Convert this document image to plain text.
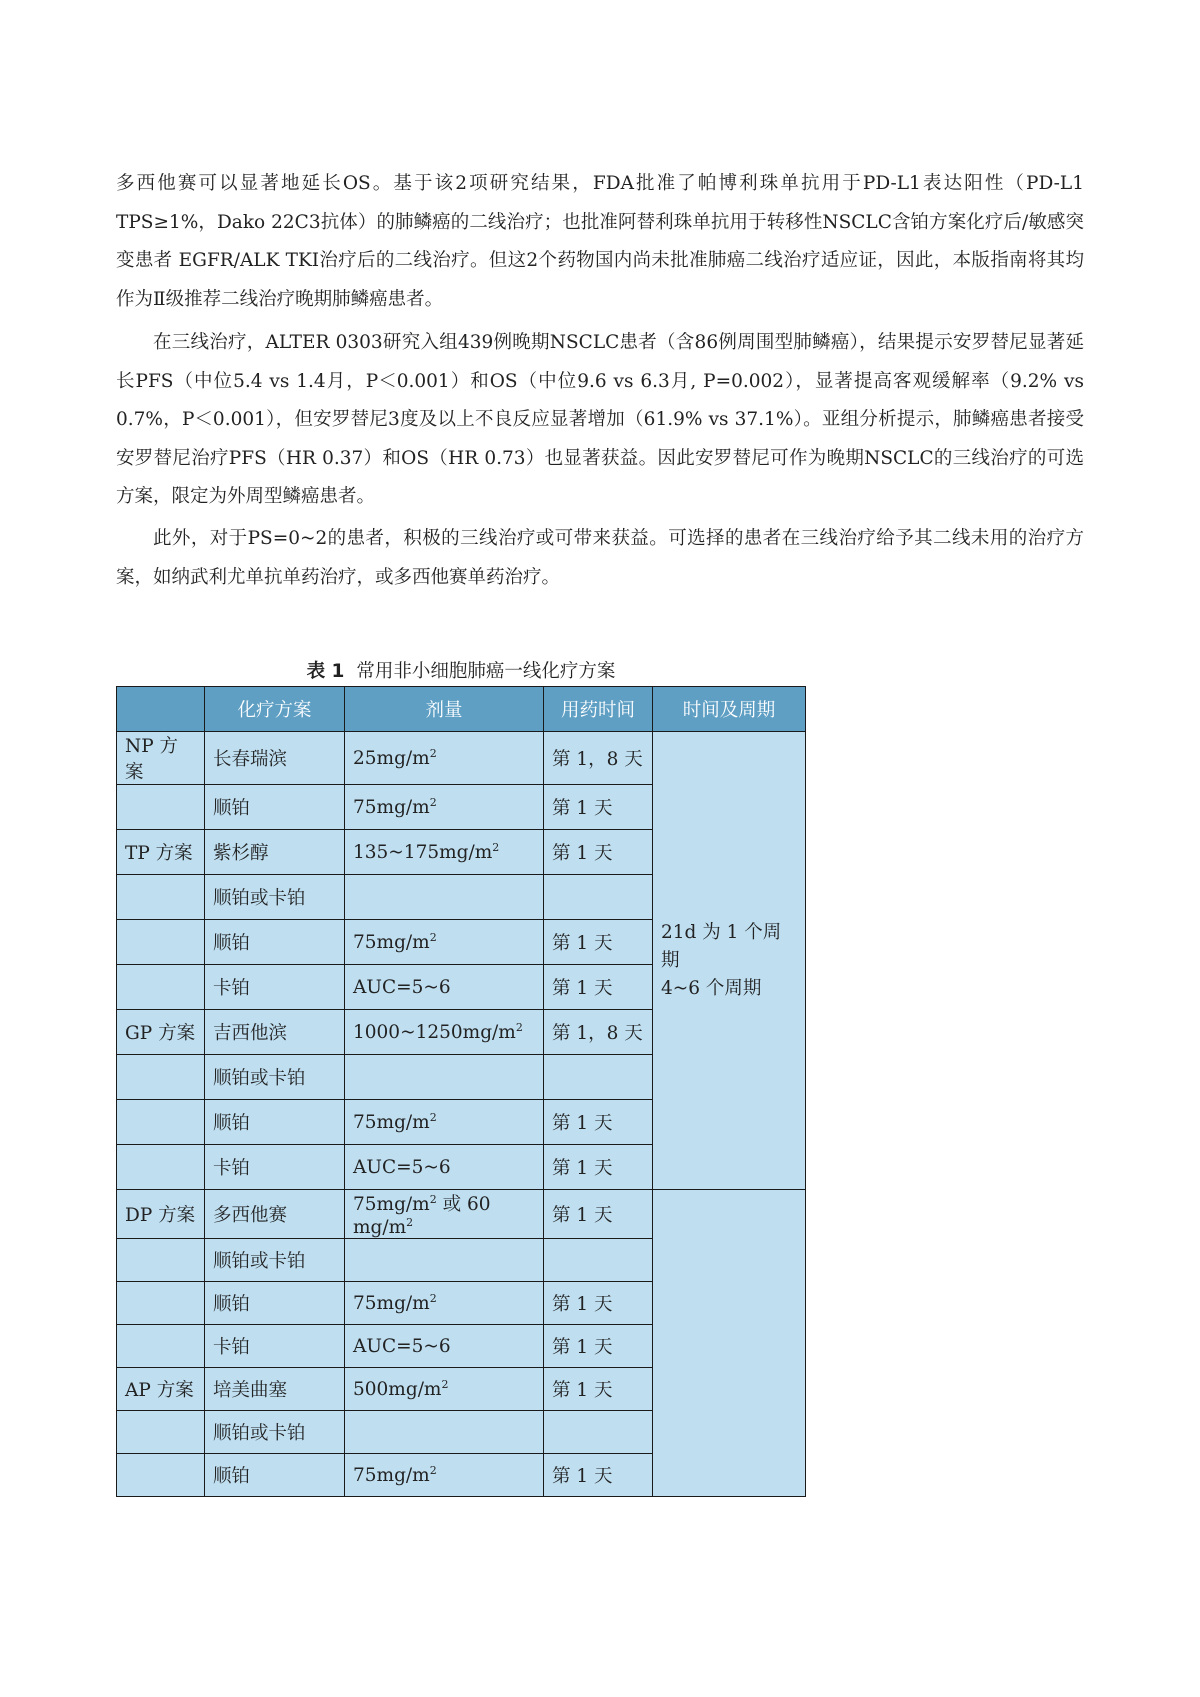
多西他赛可以显著地延长OS。基于该2项研究结果，FDA批准了帕博利珠单抗用于PD-L1表达阳性（PD-L1 TPS≥1%，Dako 22C3抗体）的肺鳞癌的二线治疗；也批准阿替利珠单抗用于转移性NSCLC含铂方案化疗后/敏感突变患者 EGFR/ALK TKI治疗后的二线治疗。但这2个药物国内尚未批准肺癌二线治疗适应证，因此，本版指南将其均作为Ⅱ级推荐二线治疗晚期肺鳞癌患者。

在三线治疗，ALTER 0303研究入组439例晚期NSCLC患者（含86例周围型肺鳞癌），结果提示安罗替尼显著延长PFS（中位5.4 vs 1.4月，P＜0.001）和OS（中位9.6 vs 6.3月, P=0.002），显著提高客观缓解率（9.2% vs 0.7%，P＜0.001），但安罗替尼3度及以上不良反应显著增加（61.9% vs 37.1%）。亚组分析提示，肺鳞癌患者接受安罗替尼治疗PFS（HR 0.37）和OS（HR 0.73）也显著获益。因此安罗替尼可作为晚期NSCLC的三线治疗的可选方案，限定为外周型鳞癌患者。

此外，对于PS=0~2的患者，积极的三线治疗或可带来获益。可选择的患者在三线治疗给予其二线未用的治疗方案，如纳武利尤单抗单药治疗，或多西他赛单药治疗。

表 1 常用非小细胞肺癌一线化疗方案

	化疗方案	剂量	用药时间	时间及周期
NP 方案	长春瑞滨	$25mg/m^2$	第 1，8 天	21d 为 1 个周期
4~6 个周期

	顺铂	$75mg/m^2$	第 1 天	
TP 方案	紫杉醇	$135\sim 175mg/m^2$	第 1 天	
	顺铂或卡铂			
	顺铂	$75mg/m^2$	第 1 天	
	卡铂	AUC=5~6	第 1 天	
GP 方案	吉西他滨	$1000\sim 1250mg/m^2$	第 1，8 天	
	顺铂或卡铂			
	顺铂	$75mg/m^2$	第 1 天	
	卡铂	AUC=5~6	第 1 天	
DP 方案	多西他赛	$75mg/m^2$ 或 60 $mg/m^2$	第 1 天	
	顺铂或卡铂			
	顺铂	$75mg/m^2$	第 1 天	
	卡铂	AUC=5~6	第 1 天	
AP 方案	培美曲塞	$500mg/m^2$	第 1 天	
	顺铂或卡铂			
	顺铂	$75mg/m^2$	第 1 天	
